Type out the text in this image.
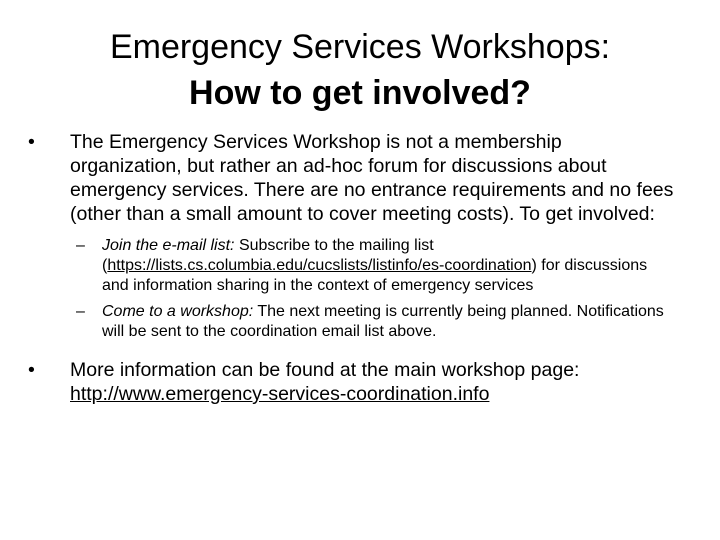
Emergency Services Workshops:
How to get involved?
•	The Emergency Services Workshop is not a membership organization, but rather an ad-hoc forum for discussions about emergency services. There are no entrance requirements and no fees (other than a small amount to cover meeting costs). To get involved:
– Join the e-mail list: Subscribe to the mailing list (https://lists.cs.columbia.edu/cucslists/listinfo/es-coordination) for discussions and information sharing in the context of emergency services
– Come to a workshop: The next meeting is currently being planned. Notifications will be sent to the coordination email list above.
•	More information can be found at the main workshop page: http://www.emergency-services-coordination.info
